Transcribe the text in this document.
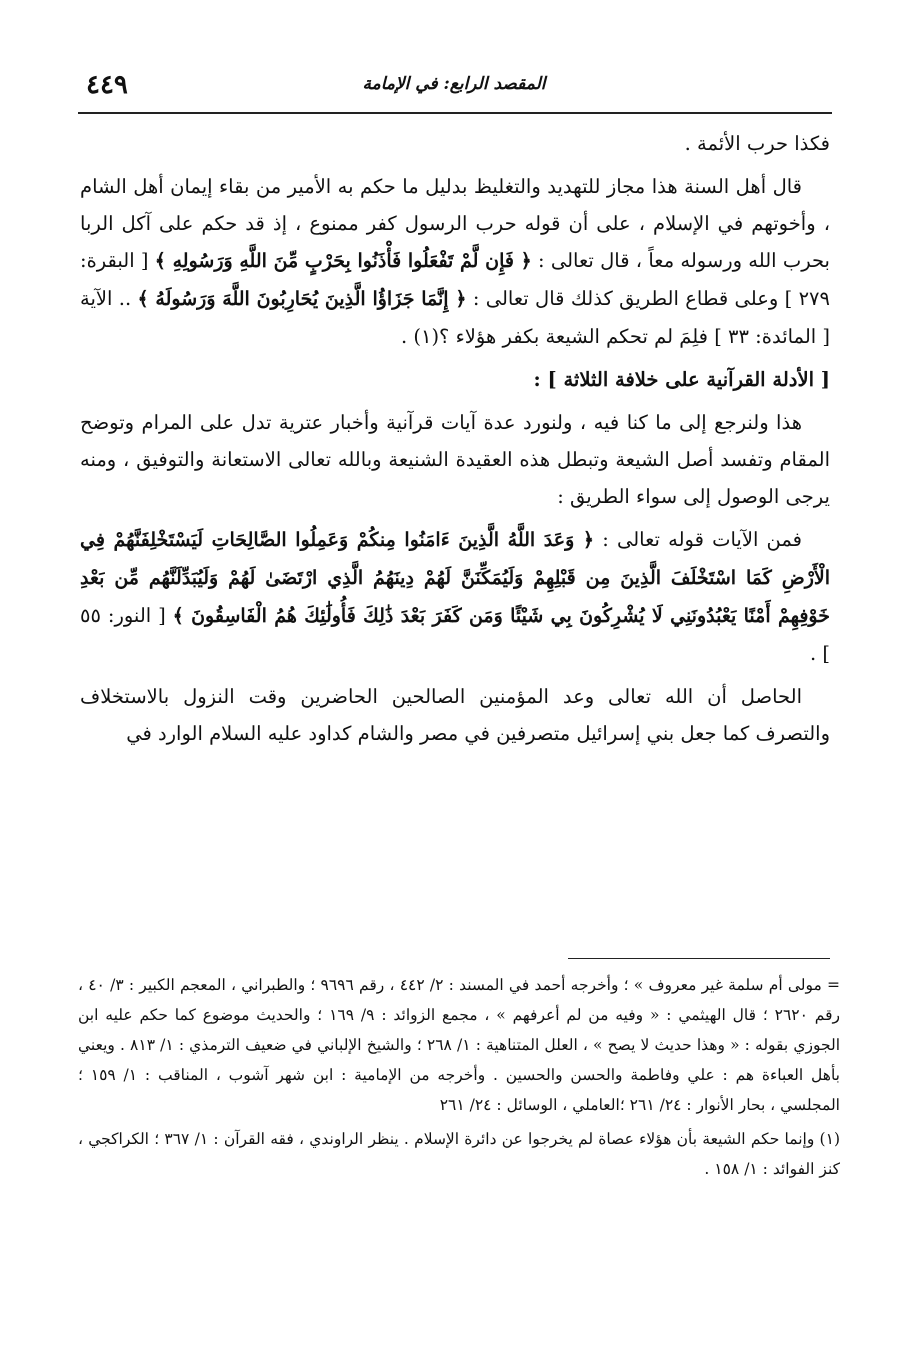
٤٤٩	المقصد الرابع: في الإمامة

فكذا حرب الأئمة .

قال أهل السنة هذا مجاز للتهديد والتغليظ بدليل ما حكم به الأمير من بقاء إيمان أهل الشام ، وأخوتهم في الإسلام ، على أن قوله حرب الرسول كفر ممنوع ، إذ قد حكم على آكل الربا بحرب الله ورسوله معاً ، قال تعالى : ﴿ فَإِن لَّمْ تَفْعَلُوا فَأْذَنُوا بِحَرْبٍ مِّنَ اللَّهِ وَرَسُولِهِ ﴾ [ البقرة: ٢٧٩ ] وعلى قطاع الطريق كذلك قال تعالى : ﴿ إِنَّمَا جَزَاؤُا الَّذِينَ يُحَارِبُونَ اللَّهَ وَرَسُولَهُ ﴾ .. الآية [ المائدة: ٣٣ ] فلِمَ لم تحكم الشيعة بكفر هؤلاء ؟(١) .

[ الأدلة القرآنية على خلافة الثلاثة ] :

هذا ولنرجع إلى ما كنا فيه ، ولنورد عدة آيات قرآنية وأخبار عترية تدل على المرام وتوضح المقام وتفسد أصل الشيعة وتبطل هذه العقيدة الشنيعة وبالله تعالى الاستعانة والتوفيق ، ومنه يرجى الوصول إلى سواء الطريق :

فمن الآيات قوله تعالى : ﴿ وَعَدَ اللَّهُ الَّذِينَ ءَامَنُوا مِنكُمْ وَعَمِلُوا الصَّالِحَاتِ لَيَسْتَخْلِفَنَّهُمْ فِي الْأَرْضِ كَمَا اسْتَخْلَفَ الَّذِينَ مِن قَبْلِهِمْ وَلَيُمَكِّنَنَّ لَهُمْ دِينَهُمُ الَّذِي ارْتَضَىٰ لَهُمْ وَلَيُبَدِّلَنَّهُم مِّن بَعْدِ خَوْفِهِمْ أَمْنًا يَعْبُدُونَنِي لَا يُشْرِكُونَ بِي شَيْئًا وَمَن كَفَرَ بَعْدَ ذَٰلِكَ فَأُولَٰئِكَ هُمُ الْفَاسِقُونَ ﴾ [ النور: ٥٥ ] .

الحاصل أن الله تعالى وعد المؤمنين الصالحين الحاضرين وقت النزول بالاستخلاف والتصرف كما جعل بني إسرائيل متصرفين في مصر والشام كداود عليه السلام الوارد في

= مولى أم سلمة غير معروف » ؛ وأخرجه أحمد في المسند : ٢/ ٤٤٢ ، رقم ٩٦٩٦ ؛ والطبراني ، المعجم الكبير : ٣/ ٤٠ ، رقم ٢٦٢٠ ؛ قال الهيثمي : « وفيه من لم أعرفهم » ، مجمع الزوائد : ٩/ ١٦٩ ؛ والحديث موضوع كما حكم عليه ابن الجوزي بقوله : « وهذا حديث لا يصح » ، العلل المتناهية : ١/ ٢٦٨ ؛ والشيخ الإلباني في ضعيف الترمذي : ١/ ٨١٣ . ويعني بأهل العباءة هم : علي وفاطمة والحسن والحسين . وأخرجه من الإمامية : ابن شهر آشوب ، المناقب : ١/ ١٥٩ ؛ المجلسي ، بحار الأنوار : ٢٤/ ٢٦١ ؛العاملي ، الوسائل : ٢٤/ ٢٦١

(١) وإنما حكم الشيعة بأن هؤلاء عصاة لم يخرجوا عن دائرة الإسلام . ينظر الراوندي ، فقه القرآن : ١/ ٣٦٧ ؛ الكراكجي ، كنز الفوائد : ١/ ١٥٨ .
